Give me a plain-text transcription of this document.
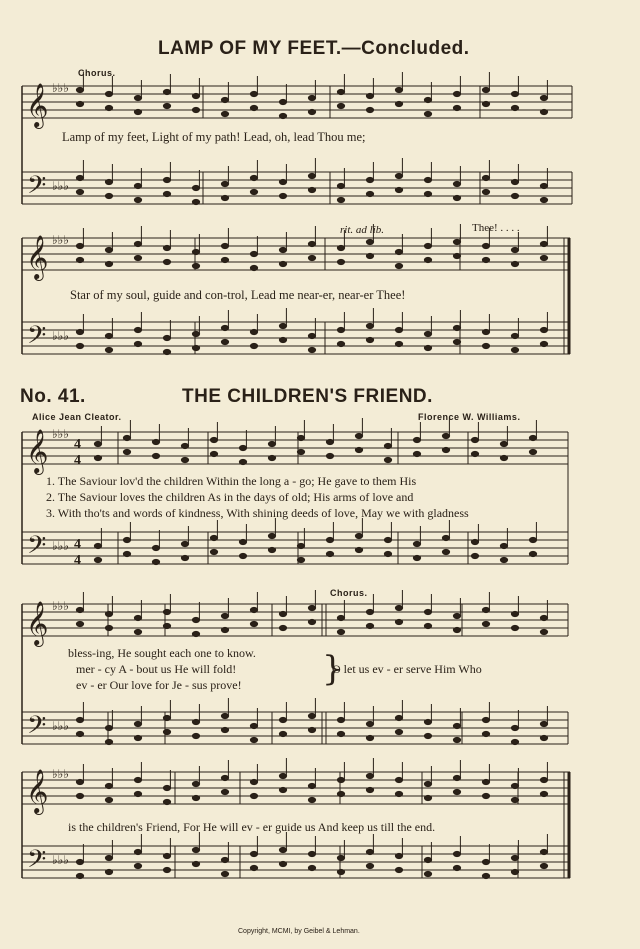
LAMP OF MY FEET.—Concluded.
Chorus.
𝄞
𝄢
𝄞
𝄢
𝄞
𝄢
𝄞
𝄢
𝄞
𝄢
♭♭♭
♭♭♭
♭♭♭
♭♭♭
♭♭♭
♭♭♭
♭♭♭
♭♭♭
♭♭♭
♭♭♭
4
4
4
4
Lamp of my feet, Light of my path! Lead, oh, lead Thou me;
rit. ad lib.	Thee! . . . .
Star of my soul, guide and con-trol, Lead me near-er, near-er Thee!
No. 41.	THE CHILDREN'S FRIEND.
Alice Jean Cleator.	Florence W. Williams.
1. The Saviour lov'd the children Within the long a - go; He gave to them His
2. The Saviour loves the children As in the days of old; His arms of love and
3. With tho'ts and words of kindness, With shining deeds of love, May we with gladness
Chorus.
bless-ing, He sought each one to know.
mer - cy A - bout us He will fold!
ev - er Our love for Je - sus prove! }
O let us ev - er serve Him Who
is the children's Friend, For He will ev - er guide us And keep us till the end.
Copyright, MCMI, by Geibel & Lehman.
